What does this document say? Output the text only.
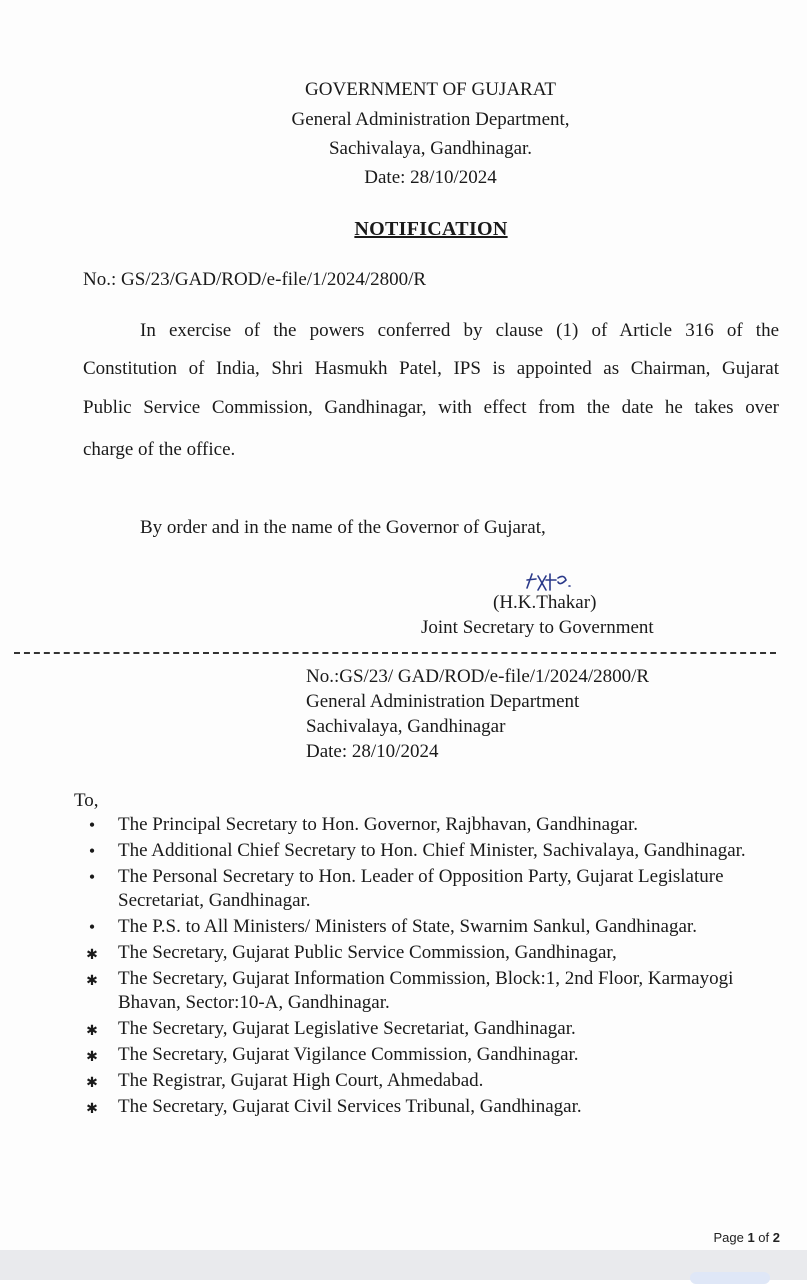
GOVERNMENT OF GUJARAT
General Administration Department,
Sachivalaya, Gandhinagar.
Date: 28/10/2024
NOTIFICATION
No.: GS/23/GAD/ROD/e-file/1/2024/2800/R
In exercise of the powers conferred by clause (1) of Article 316 of the
Constitution of India, Shri Hasmukh Patel, IPS is appointed as Chairman, Gujarat
Public Service Commission, Gandhinagar, with effect from the date he takes over
charge of the office.
By order and in the name of the Governor of Gujarat,
(H.K.Thakar)
Joint Secretary to Government
No.:GS/23/ GAD/ROD/e-file/1/2024/2800/R
General Administration Department
Sachivalaya, Gandhinagar
Date: 28/10/2024
To,
•
The Principal Secretary to Hon. Governor, Rajbhavan, Gandhinagar.
•
The Additional Chief Secretary to Hon. Chief Minister, Sachivalaya, Gandhinagar.
•
The Personal Secretary to Hon. Leader of Opposition Party, Gujarat Legislature Secretariat, Gandhinagar.
•
The P.S. to All Ministers/ Ministers of State, Swarnim Sankul, Gandhinagar.
✱
The Secretary, Gujarat Public Service Commission, Gandhinagar,
✱
The Secretary, Gujarat Information Commission, Block:1, 2nd Floor, Karmayogi Bhavan, Sector:10-A, Gandhinagar.
✱
The Secretary, Gujarat Legislative Secretariat, Gandhinagar.
✱
The Secretary, Gujarat Vigilance Commission, Gandhinagar.
✱
The Registrar, Gujarat High Court, Ahmedabad.
✱
The Secretary, Gujarat Civil Services Tribunal, Gandhinagar.
Page 1 of 2
